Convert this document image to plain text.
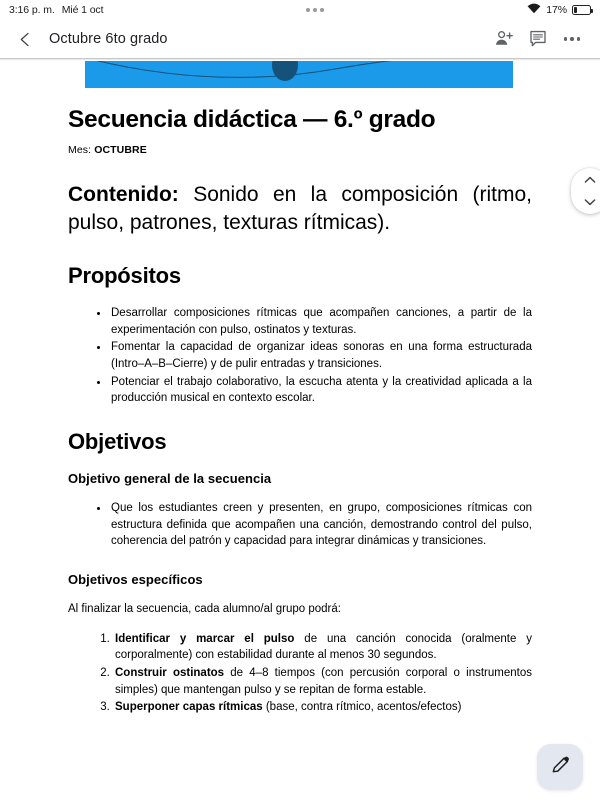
3:16 p. m. Mié 1 oct	17%
Octubre 6to grado
Secuencia didáctica — 6.º grado
Mes: OCTUBRE

Contenido: Sonido en la composición (ritmo, pulso, patrones, texturas rítmicas).

Propósitos
• Desarrollar composiciones rítmicas que acompañen canciones, a partir de la experimentación con pulso, ostinatos y texturas.
• Fomentar la capacidad de organizar ideas sonoras en una forma estructurada (Intro–A–B–Cierre) y de pulir entradas y transiciones.
• Potenciar el trabajo colaborativo, la escucha atenta y la creatividad aplicada a la producción musical en contexto escolar.
Objetivos
Objetivo general de la secuencia
• Que los estudiantes creen y presenten, en grupo, composiciones rítmicas con estructura definida que acompañen una canción, demostrando control del pulso, coherencia del patrón y capacidad para integrar dinámicas y transiciones.
Objetivos específicos

Al finalizar la secuencia, cada alumno/al grupo podrá:

1. Identificar y marcar el pulso de una canción conocida (oralmente y corporalmente) con estabilidad durante al menos 30 segundos.
2. Construir ostinatos de 4–8 tiempos (con percusión corporal o instrumentos simples) que mantengan pulso y se repitan de forma estable.
3. Superponer capas rítmicas (base, contra rítmico, acentos/efectos)
